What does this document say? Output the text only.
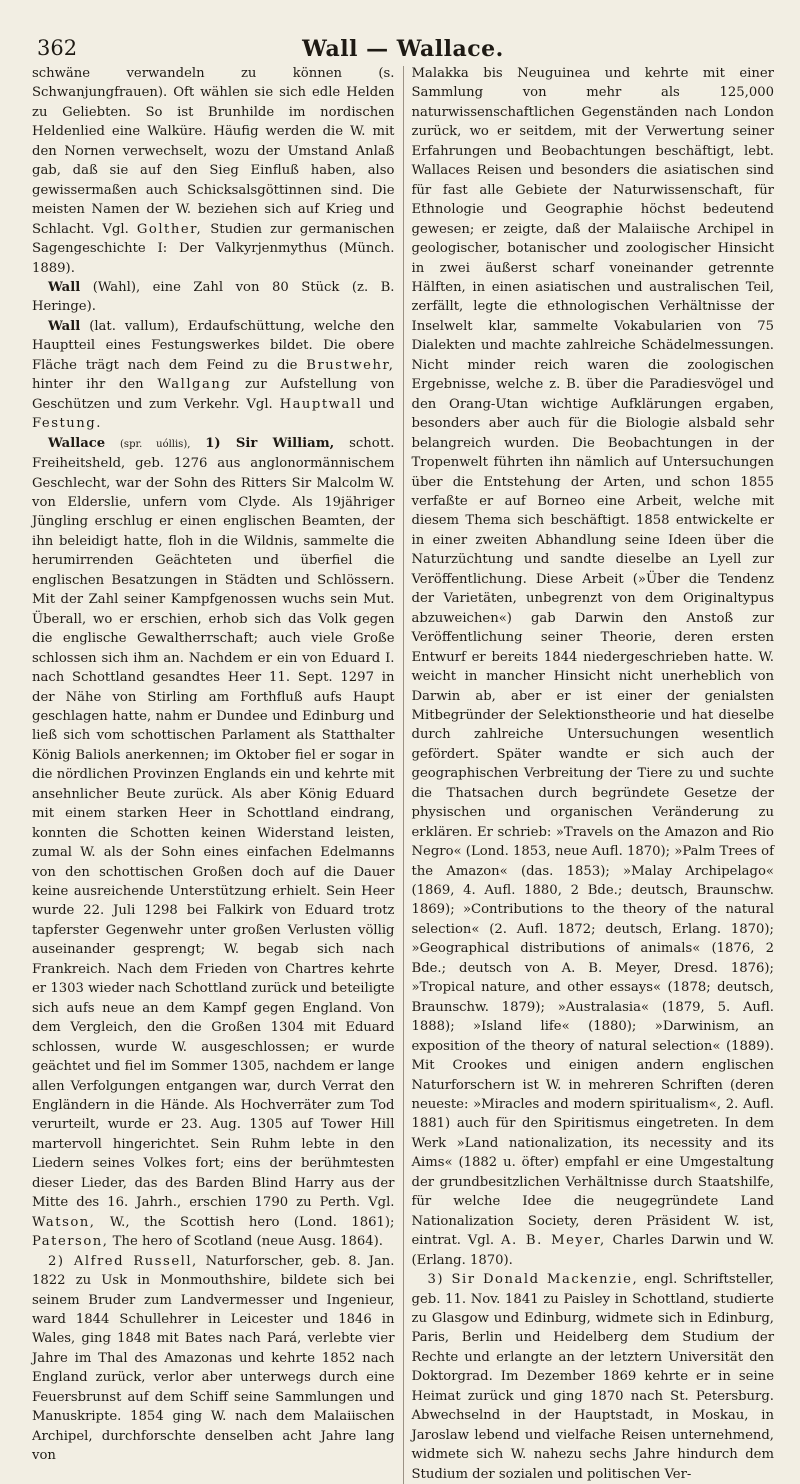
362	Wall — Wallace.

schwäne verwandeln zu können (s. Schwanjungfrauen). Oft wählen sie sich edle Helden zu Geliebten. So ist Brunhilde im nordischen Heldenlied eine Walküre. Häufig werden die W. mit den Nornen verwechselt, wozu der Umstand Anlaß gab, daß sie auf den Sieg Einfluß haben, also gewissermaßen auch Schicksalsgöttinnen sind. Die meisten Namen der W. beziehen sich auf Krieg und Schlacht. Vgl. Golther, Studien zur germanischen Sagengeschichte I: Der Valkyrjenmythus (Münch. 1889).

Wall (Wahl), eine Zahl von 80 Stück (z. B. Heringe).

Wall (lat. vallum), Erdaufschüttung, welche den Hauptteil eines Festungswerkes bildet. Die obere Fläche trägt nach dem Feind zu die Brustwehr, hinter ihr den Wallgang zur Aufstellung von Geschützen und zum Verkehr. Vgl. Hauptwall und Festung.

Wallace (spr. uóllis), 1) Sir William, schott. Freiheitsheld, geb. 1276 aus anglonormännischem Geschlecht, war der Sohn des Ritters Sir Malcolm W. von Elderslie, unfern vom Clyde. Als 19jähriger Jüngling erschlug er einen englischen Beamten, der ihn beleidigt hatte, floh in die Wildnis, sammelte die herumirrenden Geächteten und überfiel die englischen Besatzungen in Städten und Schlössern. Mit der Zahl seiner Kampfgenossen wuchs sein Mut. Überall, wo er erschien, erhob sich das Volk gegen die englische Gewaltherrschaft; auch viele Große schlossen sich ihm an. Nachdem er ein von Eduard I. nach Schottland gesandtes Heer 11. Sept. 1297 in der Nähe von Stirling am Forthfluß aufs Haupt geschlagen hatte, nahm er Dundee und Edinburg und ließ sich vom schottischen Parlament als Statthalter König Baliols anerkennen; im Oktober fiel er sogar in die nördlichen Provinzen Englands ein und kehrte mit ansehnlicher Beute zurück. Als aber König Eduard mit einem starken Heer in Schottland eindrang, konnten die Schotten keinen Widerstand leisten, zumal W. als der Sohn eines einfachen Edelmanns von den schottischen Großen doch auf die Dauer keine ausreichende Unterstützung erhielt. Sein Heer wurde 22. Juli 1298 bei Falkirk von Eduard trotz tapferster Gegenwehr unter großen Verlusten völlig auseinander gesprengt; W. begab sich nach Frankreich. Nach dem Frieden von Chartres kehrte er 1303 wieder nach Schottland zurück und beteiligte sich aufs neue an dem Kampf gegen England. Von dem Vergleich, den die Großen 1304 mit Eduard schlossen, wurde W. ausgeschlossen; er wurde geächtet und fiel im Sommer 1305, nachdem er lange allen Verfolgungen entgangen war, durch Verrat den Engländern in die Hände. Als Hochverräter zum Tod verurteilt, wurde er 23. Aug. 1305 auf Tower Hill martervoll hingerichtet. Sein Ruhm lebte in den Liedern seines Volkes fort; eins der berühmtesten dieser Lieder, das des Barden Blind Harry aus der Mitte des 16. Jahrh., erschien 1790 zu Perth. Vgl. Watson, W., the Scottish hero (Lond. 1861); Paterson, The hero of Scotland (neue Ausg. 1864).

2) Alfred Russell, Naturforscher, geb. 8. Jan. 1822 zu Usk in Monmouthshire, bildete sich bei seinem Bruder zum Landvermesser und Ingenieur, ward 1844 Schullehrer in Leicester und 1846 in Wales, ging 1848 mit Bates nach Pará, verlebte vier Jahre im Thal des Amazonas und kehrte 1852 nach England zurück, verlor aber unterwegs durch eine Feuersbrunst auf dem Schiff seine Sammlungen und Manuskripte. 1854 ging W. nach dem Malaiischen Archipel, durchforschte denselben acht Jahre lang von

Malakka bis Neuguinea und kehrte mit einer Sammlung von mehr als 125,000 naturwissenschaftlichen Gegenständen nach London zurück, wo er seitdem, mit der Verwertung seiner Erfahrungen und Beobachtungen beschäftigt, lebt. Wallaces Reisen und besonders die asiatischen sind für fast alle Gebiete der Naturwissenschaft, für Ethnologie und Geographie höchst bedeutend gewesen; er zeigte, daß der Malaiische Archipel in geologischer, botanischer und zoologischer Hinsicht in zwei äußerst scharf voneinander getrennte Hälften, in einen asiatischen und australischen Teil, zerfällt, legte die ethnologischen Verhältnisse der Inselwelt klar, sammelte Vokabularien von 75 Dialekten und machte zahlreiche Schädelmessungen. Nicht minder reich waren die zoologischen Ergebnisse, welche z. B. über die Paradiesvögel und den Orang-Utan wichtige Aufklärungen ergaben, besonders aber auch für die Biologie alsbald sehr belangreich wurden. Die Beobachtungen in der Tropenwelt führten ihn nämlich auf Untersuchungen über die Entstehung der Arten, und schon 1855 verfaßte er auf Borneo eine Arbeit, welche mit diesem Thema sich beschäftigt. 1858 entwickelte er in einer zweiten Abhandlung seine Ideen über die Naturzüchtung und sandte dieselbe an Lyell zur Veröffentlichung. Diese Arbeit (»Über die Tendenz der Varietäten, unbegrenzt von dem Originaltypus abzuweichen«) gab Darwin den Anstoß zur Veröffentlichung seiner Theorie, deren ersten Entwurf er bereits 1844 niedergeschrieben hatte. W. weicht in mancher Hinsicht nicht unerheblich von Darwin ab, aber er ist einer der genialsten Mitbegründer der Selektionstheorie und hat dieselbe durch zahlreiche Untersuchungen wesentlich gefördert. Später wandte er sich auch der geographischen Verbreitung der Tiere zu und suchte die Thatsachen durch begründete Gesetze der physischen und organischen Veränderung zu erklären. Er schrieb: »Travels on the Amazon and Rio Negro« (Lond. 1853, neue Aufl. 1870); »Palm Trees of the Amazon« (das. 1853); »Malay Archipelago« (1869, 4. Aufl. 1880, 2 Bde.; deutsch, Braunschw. 1869); »Contributions to the theory of the natural selection« (2. Aufl. 1872; deutsch, Erlang. 1870); »Geographical distributions of animals« (1876, 2 Bde.; deutsch von A. B. Meyer, Dresd. 1876); »Tropical nature, and other essays« (1878; deutsch, Braunschw. 1879); »Australasia« (1879, 5. Aufl. 1888); »Island life« (1880); »Darwinism, an exposition of the theory of natural selection« (1889). Mit Crookes und einigen andern englischen Naturforschern ist W. in mehreren Schriften (deren neueste: »Miracles and modern spiritualism«, 2. Aufl. 1881) auch für den Spiritismus eingetreten. In dem Werk »Land nationalization, its necessity and its Aims« (1882 u. öfter) empfahl er eine Umgestaltung der grundbesitzlichen Verhältnisse durch Staatshilfe, für welche Idee die neugegründete Land Nationalization Society, deren Präsident W. ist, eintrat. Vgl. A. B. Meyer, Charles Darwin und W. (Erlang. 1870).

3) Sir Donald Mackenzie, engl. Schriftsteller, geb. 11. Nov. 1841 zu Paisley in Schottland, studierte zu Glasgow und Edinburg, widmete sich in Edinburg, Paris, Berlin und Heidelberg dem Studium der Rechte und erlangte an der letztern Universität den Doktorgrad. Im Dezember 1869 kehrte er in seine Heimat zurück und ging 1870 nach St. Petersburg. Abwechselnd in der Hauptstadt, in Moskau, in Jaroslaw lebend und vielfache Reisen unternehmend, widmete sich W. nahezu sechs Jahre hindurch dem Studium der sozialen und politischen Ver-
